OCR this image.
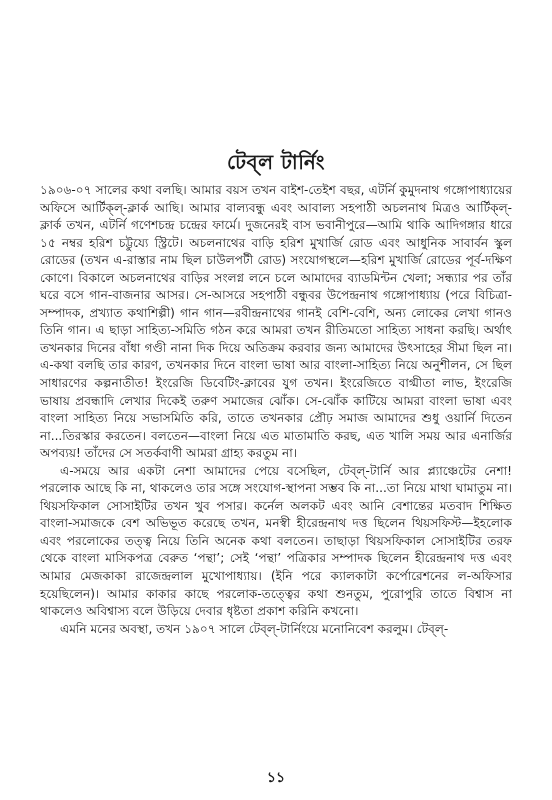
টেব্‌ল টার্নিং

১৯০৬-০৭ সালের কথা বলছি। আমার বয়স তখন বাইশ-তেইশ বছর, এটর্নি কুমুদনাথ গঙ্গোপাধ্যায়ের অফিসে আর্টিক্‌ল্‌-ক্লার্ক আছি। আমার বাল্যবন্ধু এবং আবাল্য সহপাঠী অচলনাথ মিত্রও আর্টিক্‌ল্‌-ক্লার্ক তখন, এটর্নি গণেশচন্দ্র চন্দ্রের ফার্মে। দুজনেরই বাস ভবানীপুরে—আমি থাকি আদিগঙ্গার ধারে ১৫ নম্বর হরিশ চট্টুয্যে স্ট্রিটে। অচলনাথের বাড়ি হরিশ মুখার্জি রোড এবং আধুনিক সাবার্বন স্কুল রোডের (তখন এ-রাস্তার নাম ছিল চাউলপটী রোড) সংযোগস্থলে—হরিশ মুখার্জি রোডের পূর্ব-দক্ষিণ কোণে। বিকালে অচলনাথের বাড়ির সংলগ্ন লনে চলে আমাদের ব্যাডমিন্টন খেলা; সন্ধ্যার পর তাঁর ঘরে বসে গান-বাজনার আসর। সে-আসরে সহপাঠী বন্ধুবর উপেন্দ্রনাথ গঙ্গোপাধ্যায় (পরে বিচিত্রা-সম্পাদক, প্রখ্যাত কথাশিল্পী) গান গান—রবীন্দ্রনাথের গানই বেশি-বেশি, অন্য লোকের লেখা গানও তিনি গান। এ ছাড়া সাহিত্য-সমিতি গঠন করে আমরা তখন রীতিমতো সাহিত্য সাধনা করছি। অর্থাৎ তখনকার দিনের বাঁধা গণ্ডী নানা দিক দিয়ে অতিক্রম করবার জন্য আমাদের উৎসাহের সীমা ছিল না। এ-কথা বলছি তার কারণ, তখনকার দিনে বাংলা ভাষা আর বাংলা-সাহিত্য নিয়ে অনুশীলন, সে ছিল সাধারণের কল্পনাতীত! ইংরেজি ডিবেটিং-ক্লাবের যুগ তখন। ইংরেজিতে বাগ্মীতা লাভ, ইংরেজি ভাষায় প্রবন্ধাদি লেখার দিকেই তরুণ সমাজের ঝোঁক। সে-ঝোঁক কাটিয়ে আমরা বাংলা ভাষা এবং বাংলা সাহিত্য নিয়ে সভাসমিতি করি, তাতে তখনকার প্রৌঢ় সমাজ আমাদের শুধু ওয়ার্নি দিতেন না...তিরস্কার করতেন। বলতেন—বাংলা নিয়ে এত মাতামাতি করছ, এত খালি সময় আর এনার্জির অপব্যয়! তাঁদের সে সতর্কবাণী আমরা গ্রাহ্য করতুম না।

এ-সময়ে আর একটা নেশা আমাদের পেয়ে বসেছিল, টেব্‌ল্‌-টার্নি আর প্ল্যাঞ্চেটের নেশা! পরলোক আছে কি না, থাকলেও তার সঙ্গে সংযোগ-স্থাপনা সম্ভব কি না...তা নিয়ে মাথা ঘামাতুম না। থিয়সফিকাল সোসাইটির তখন খুব পসার। কর্নেল অলকট এবং আনি বেশান্তের মতবাদ শিক্ষিত বাংলা-সমাজকে বেশ অভিভূত করেছে তখন, মনস্বী হীরেন্দ্রনাথ দত্ত ছিলেন থিয়সফিস্ট—ইহলোক এবং পরলোকের তত্ত্ব নিয়ে তিনি অনেক কথা বলতেন। তাছাড়া থিয়সফিকাল সোসাইটির তরফ থেকে বাংলা মাসিকপত্র বেরুত ‘পন্থা’; সেই ‘পন্থা’ পত্রিকার সম্পাদক ছিলেন হীরেন্দ্রনাথ দত্ত এবং আমার মেজকাকা রাজেন্দ্রলাল মুখোপাধ্যায়। (ইনি পরে ক্যালকাটা কর্পোরেশনের ল-অফিসার হয়েছিলেন)। আমার কাকার কাছে পরলোক-তত্ত্বের কথা শুনতুম, পুরোপুরি তাতে বিশ্বাস না থাকলেও অবিশ্বাস্য বলে উড়িয়ে দেবার ধৃষ্টতা প্রকাশ করিনি কখনো।

এমনি মনের অবস্থা, তখন ১৯০৭ সালে টেব্‌ল্‌-টার্নিংয়ে মনোনিবেশ করলুম। টেব্‌ল্‌-

১১
